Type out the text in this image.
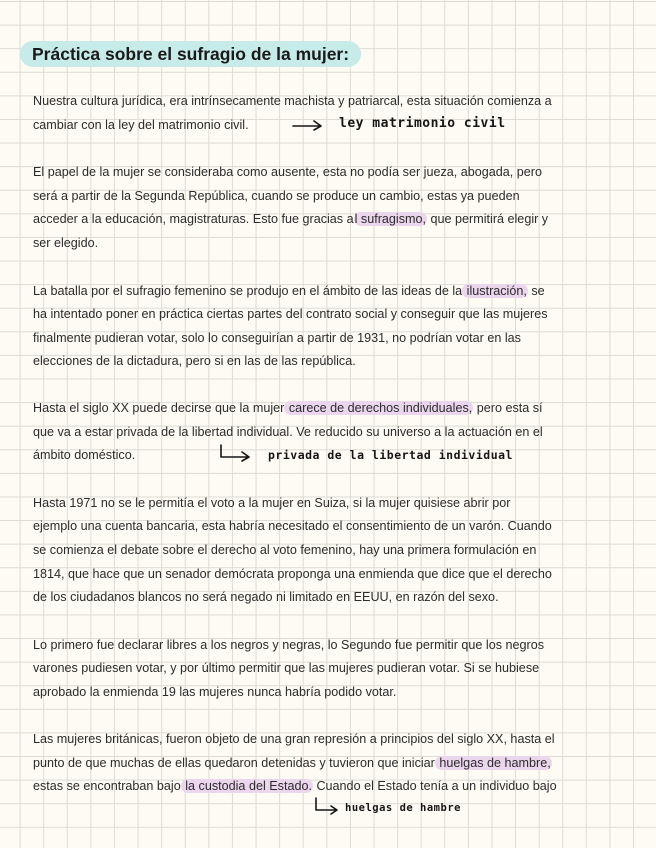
Práctica sobre el sufragio de la mujer:
Nuestra cultura jurídica, era intrínsecamente machista y patriarcal, esta situación comienza a
cambiar con la ley del matrimonio civil.	ley matrimonio civil
El papel de la mujer se consideraba como ausente, esta no podía ser jueza, abogada, pero
será a partir de la Segunda República, cuando se produce un cambio, estas ya pueden
acceder a la educación, magistraturas. Esto fue gracias al sufragismo, que permitirá elegir y
ser elegido.
La batalla por el sufragio femenino se produjo en el ámbito de las ideas de la ilustración, se
ha intentado poner en práctica ciertas partes del contrato social y conseguir que las mujeres
finalmente pudieran votar, solo lo conseguirían a partir de 1931, no podrían votar en las
elecciones de la dictadura, pero si en las de las república.
Hasta el siglo XX puede decirse que la mujer carece de derechos individuales, pero esta sí
que va a estar privada de la libertad individual. Ve reducido su universo a la actuación en el
ámbito doméstico.	privada de la libertad individual
Hasta 1971 no se le permitía el voto a la mujer en Suiza, si la mujer quisiese abrir por
ejemplo una cuenta bancaria, esta habría necesitado el consentimiento de un varón. Cuando
se comienza el debate sobre el derecho al voto femenino, hay una primera formulación en
1814, que hace que un senador demócrata proponga una enmienda que dice que el derecho
de los ciudadanos blancos no será negado ni limitado en EEUU, en razón del sexo.
Lo primero fue declarar libres a los negros y negras, lo Segundo fue permitir que los negros
varones pudiesen votar, y por último permitir que las mujeres pudieran votar. Si se hubiese
aprobado la enmienda 19 las mujeres nunca habría podido votar.
Las mujeres británicas, fueron objeto de una gran represión a principios del siglo XX, hasta el
punto de que muchas de ellas quedaron detenidas y tuvieron que iniciar huelgas de hambre,
estas se encontraban bajo la custodia del Estado. Cuando el Estado tenía a un individuo bajo
huelgas de hambre
